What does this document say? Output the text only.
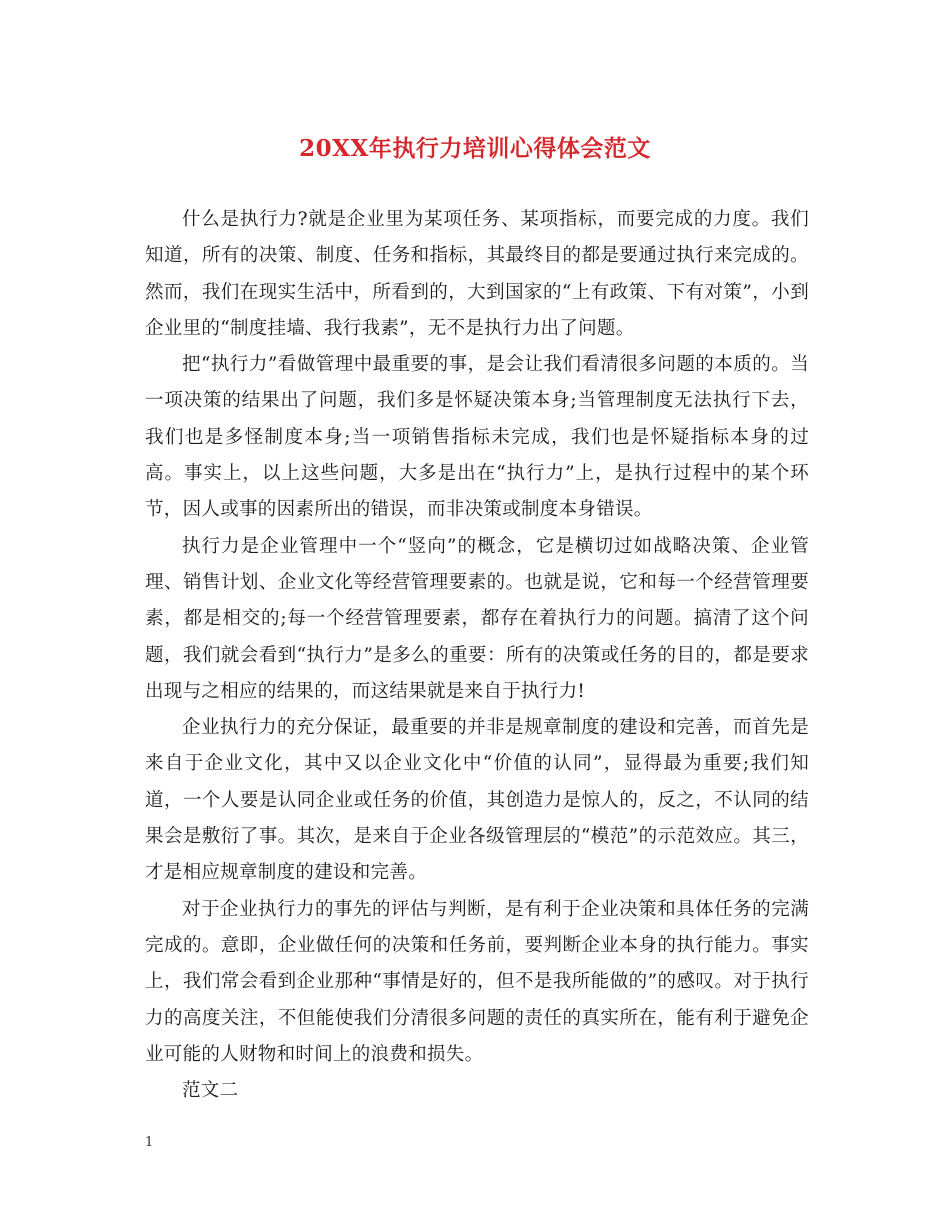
20XX年执行力培训心得体会范文

什么是执行力?就是企业里为某项任务、某项指标，而要完成的力度。我们知道，所有的决策、制度、任务和指标，其最终目的都是要通过执行来完成的。然而，我们在现实生活中，所看到的，大到国家的“上有政策、下有对策”，小到企业里的“制度挂墙、我行我素”，无不是执行力出了问题。

把“执行力”看做管理中最重要的事，是会让我们看清很多问题的本质的。当一项决策的结果出了问题，我们多是怀疑决策本身;当管理制度无法执行下去，我们也是多怪制度本身;当一项销售指标未完成，我们也是怀疑指标本身的过高。事实上，以上这些问题，大多是出在“执行力”上，是执行过程中的某个环节，因人或事的因素所出的错误，而非决策或制度本身错误。

执行力是企业管理中一个“竖向”的概念，它是横切过如战略决策、企业管理、销售计划、企业文化等经营管理要素的。也就是说，它和每一个经营管理要素，都是相交的;每一个经营管理要素，都存在着执行力的问题。搞清了这个问题，我们就会看到“执行力”是多么的重要：所有的决策或任务的目的，都是要求出现与之相应的结果的，而这结果就是来自于执行力!

企业执行力的充分保证，最重要的并非是规章制度的建设和完善，而首先是来自于企业文化，其中又以企业文化中“价值的认同”，显得最为重要;我们知道，一个人要是认同企业或任务的价值，其创造力是惊人的，反之，不认同的结果会是敷衍了事。其次，是来自于企业各级管理层的“模范”的示范效应。其三，才是相应规章制度的建设和完善。

对于企业执行力的事先的评估与判断，是有利于企业决策和具体任务的完满完成的。意即，企业做任何的决策和任务前，要判断企业本身的执行能力。事实上，我们常会看到企业那种“事情是好的，但不是我所能做的”的感叹。对于执行力的高度关注，不但能使我们分清很多问题的责任的真实所在，能有利于避免企业可能的人财物和时间上的浪费和损失。

范文二

1
